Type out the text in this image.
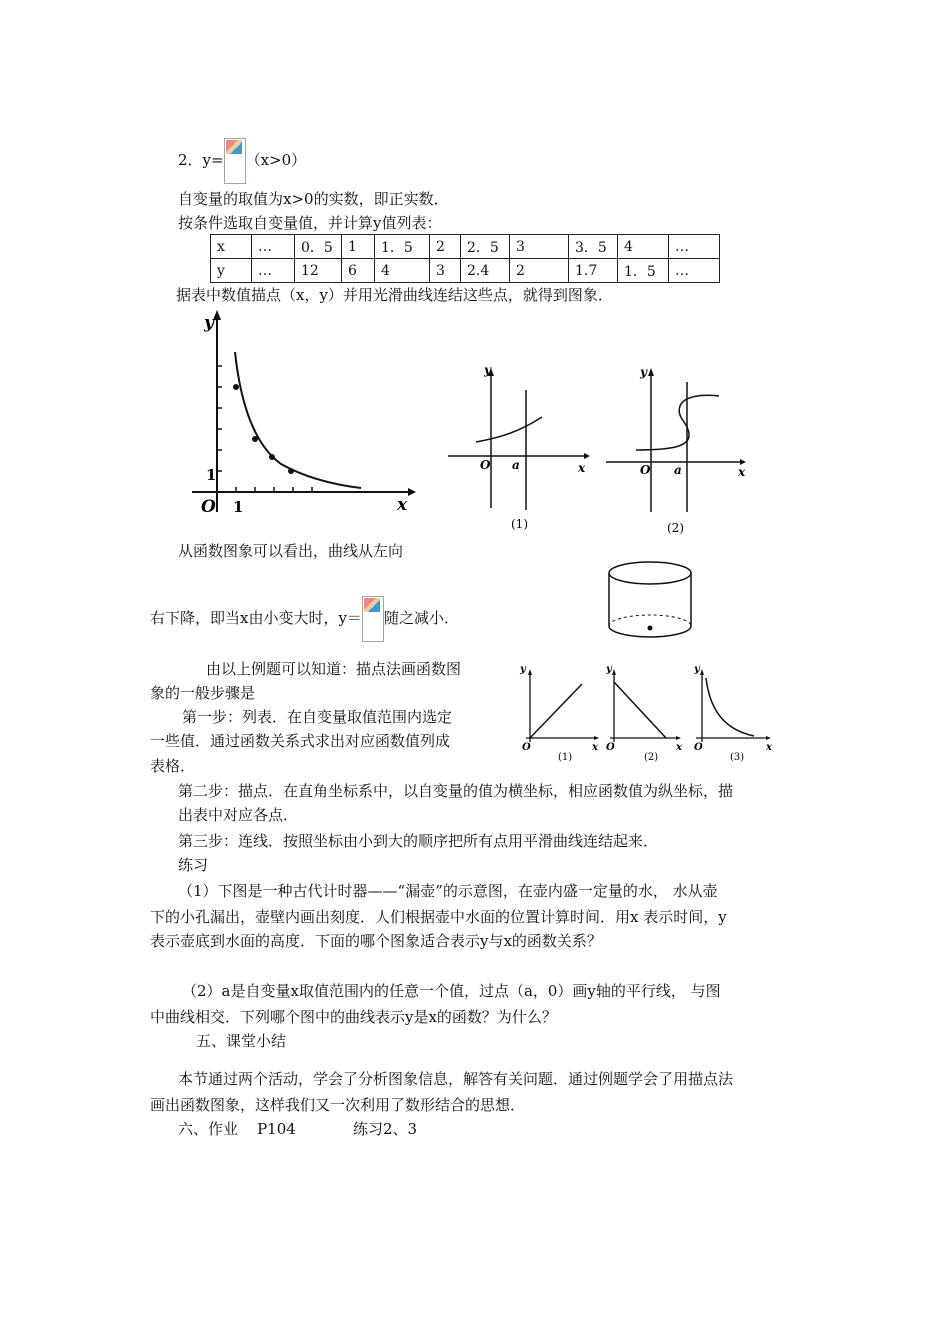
2．y= （x>0）
自变量的取值为x>0的实数，即正实数．
按条件选取自变量值，并计算y值列表：
x	…	0．5	1	1．5	2	2．5	3	3．5	4	…
y	…	12	6	4	3	2.4	2	1.7	1．5	…
据表中数值描点（x，y）并用光滑曲线连结这些点，就得到图象．
y
x
O 1
1
y
x
O a
(1)
y
x
O a
(2)
从函数图象可以看出，曲线从左向
右下降，即当x由小变大时，y＝ 随之减小．
由以上例题可以知道：描点法画函数图
象的一般步骤是
第一步：列表．在自变量取值范围内选定
一些值．通过函数关系式求出对应函数值列成
表格．
y
x
O
(1)
y
x
O
(2)
y
x
O
(3)
第二步：描点．在直角坐标系中，以自变量的值为横坐标，相应函数值为纵坐标，描
出表中对应各点．
第三步：连线．按照坐标由小到大的顺序把所有点用平滑曲线连结起来．
练习
（1）下图是一种古代计时器——“漏壶”的示意图，在壶内盛一定量的水， 水从壶
下的小孔漏出，壶壁内画出刻度．人们根据壶中水面的位置计算时间．用x 表示时间，y
表示壶底到水面的高度．下面的哪个图象适合表示y与x的函数关系？
（2）a是自变量x取值范围内的任意一个值，过点（a，0）画y轴的平行线， 与图
中曲线相交．下列哪个图中的曲线表示y是x的函数？为什么？
五、课堂小结
本节通过两个活动，学会了分析图象信息，解答有关问题．通过例题学会了用描点法
画出函数图象，这样我们又一次利用了数形结合的思想．
六、作业    P104            练习2、3
